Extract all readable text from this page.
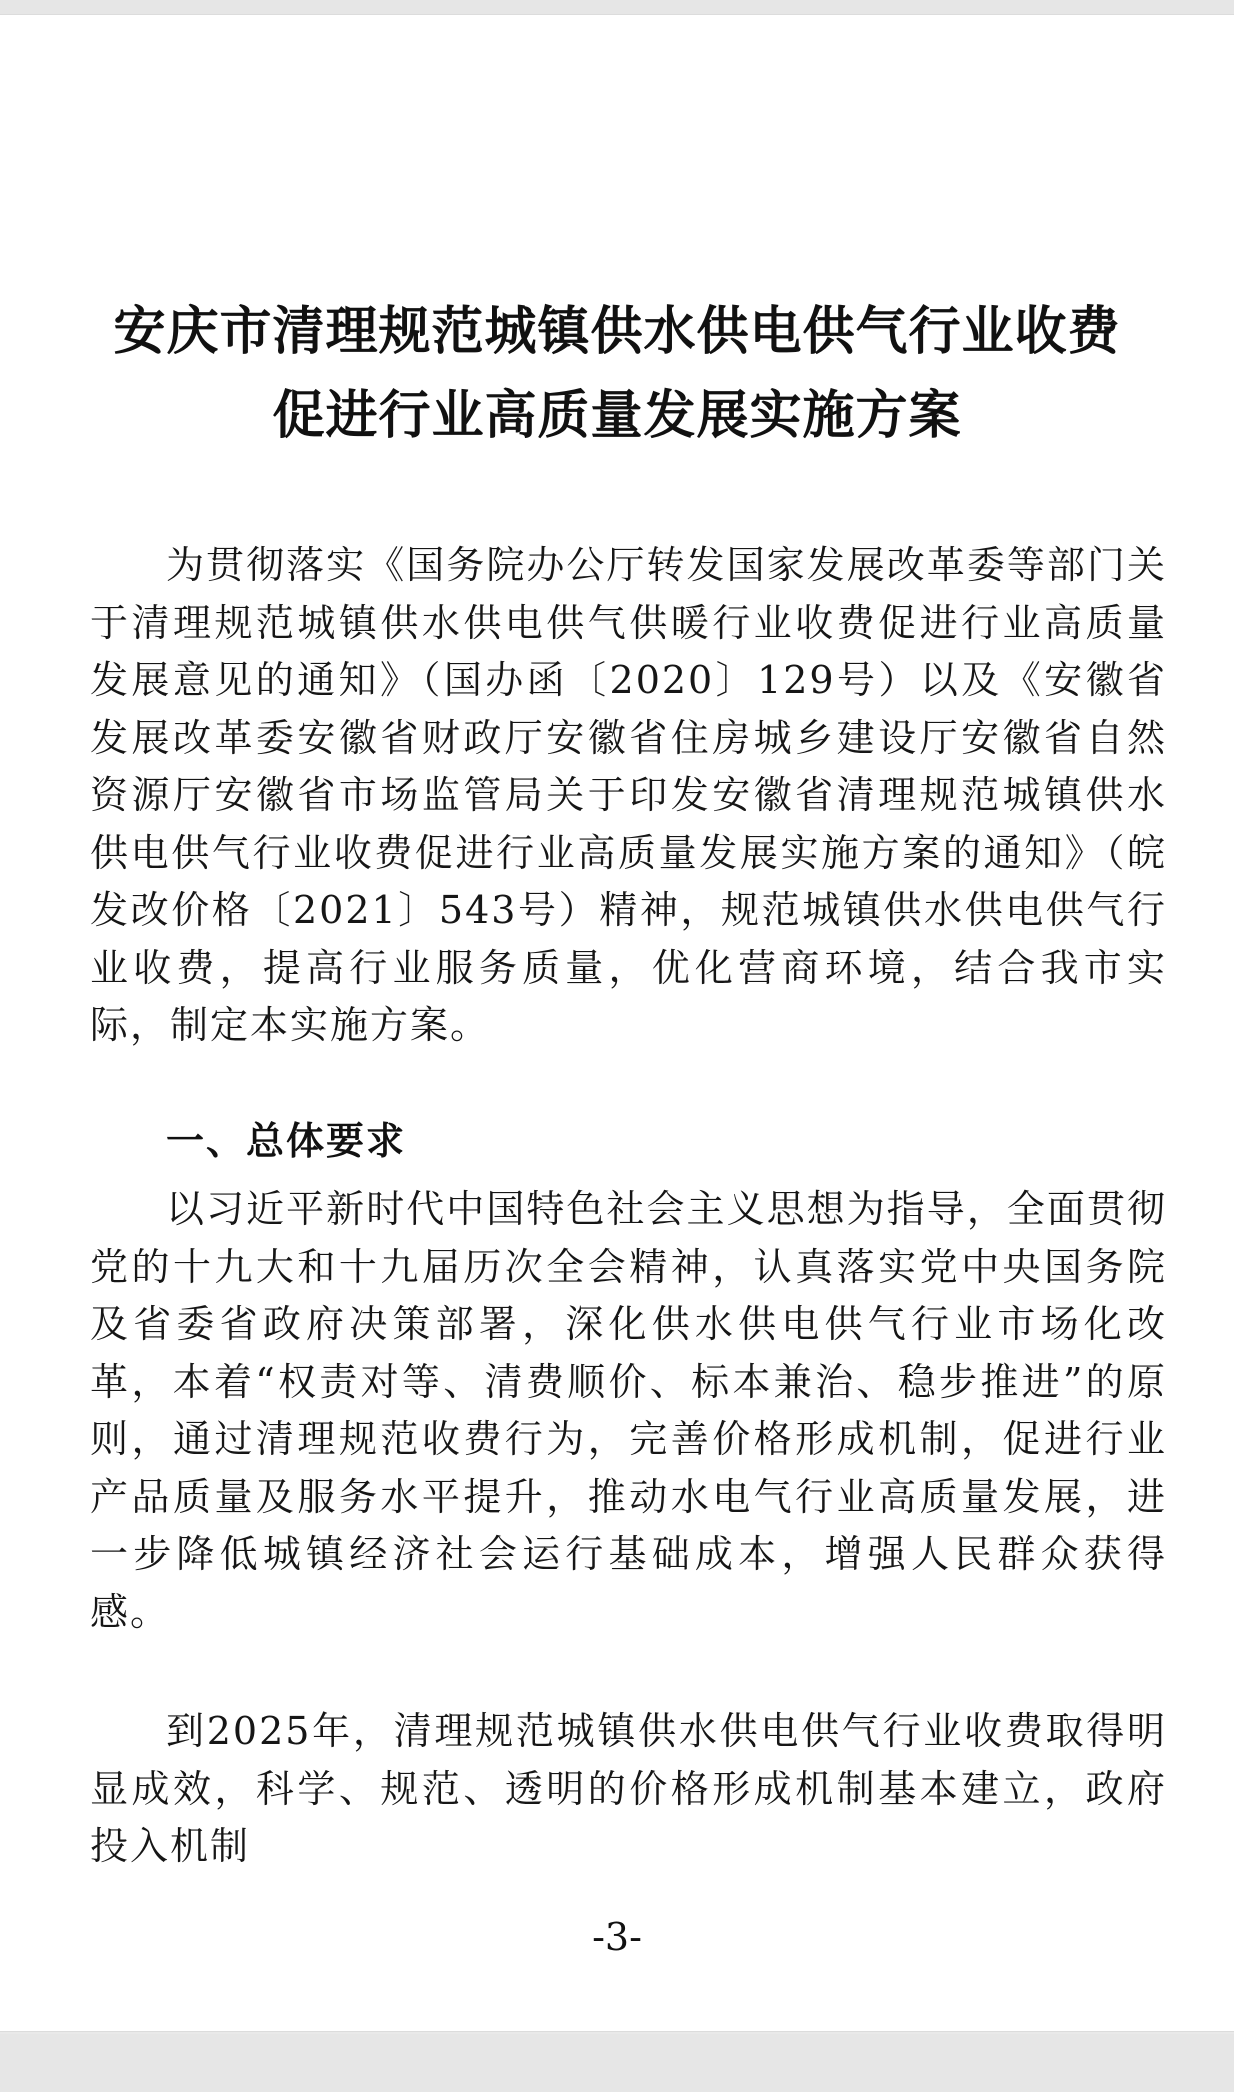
安庆市清理规范城镇供水供电供气行业收费
促进行业高质量发展实施方案

为贯彻落实《国务院办公厅转发国家发展改革委等部门关于清理规范城镇供水供电供气供暖行业收费促进行业高质量发展意见的通知》（国办函〔2020〕129号）以及《安徽省发展改革委安徽省财政厅安徽省住房城乡建设厅安徽省自然资源厅安徽省市场监管局关于印发安徽省清理规范城镇供水供电供气行业收费促进行业高质量发展实施方案的通知》（皖发改价格〔2021〕543号）精神，规范城镇供水供电供气行业收费，提高行业服务质量，优化营商环境，结合我市实际，制定本实施方案。

一、总体要求

以习近平新时代中国特色社会主义思想为指导，全面贯彻党的十九大和十九届历次全会精神，认真落实党中央国务院及省委省政府决策部署，深化供水供电供气行业市场化改革，本着“权责对等、清费顺价、标本兼治、稳步推进”的原则，通过清理规范收费行为，完善价格形成机制，促进行业产品质量及服务水平提升，推动水电气行业高质量发展，进一步降低城镇经济社会运行基础成本，增强人民群众获得感。

到2025年，清理规范城镇供水供电供气行业收费取得明显成效，科学、规范、透明的价格形成机制基本建立，政府投入机制

-3-
